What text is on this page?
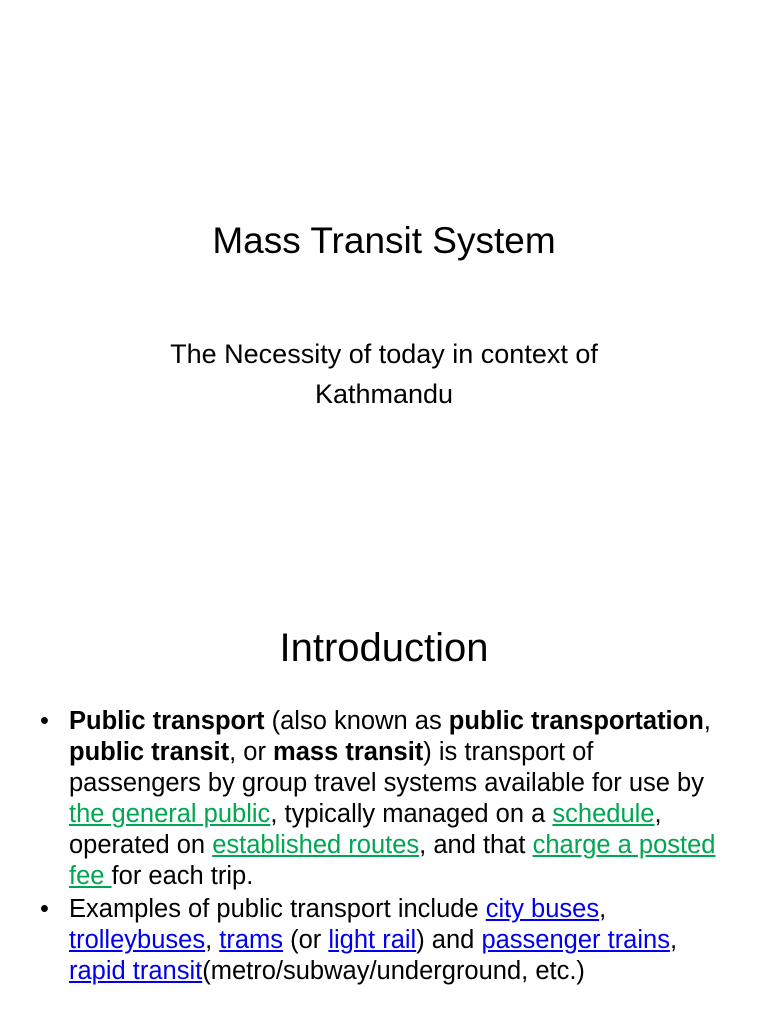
Mass Transit System
The Necessity of today in context of
Kathmandu
Introduction
• Public transport (also known as public transportation, public transit, or mass transit) is transport of passengers by group travel systems available for use by the general public, typically managed on a schedule, operated on established routes, and that charge a posted fee for each trip.
• Examples of public transport include city buses, trolleybuses, trams (or light rail) and passenger trains, rapid transit(metro/subway/underground, etc.)
